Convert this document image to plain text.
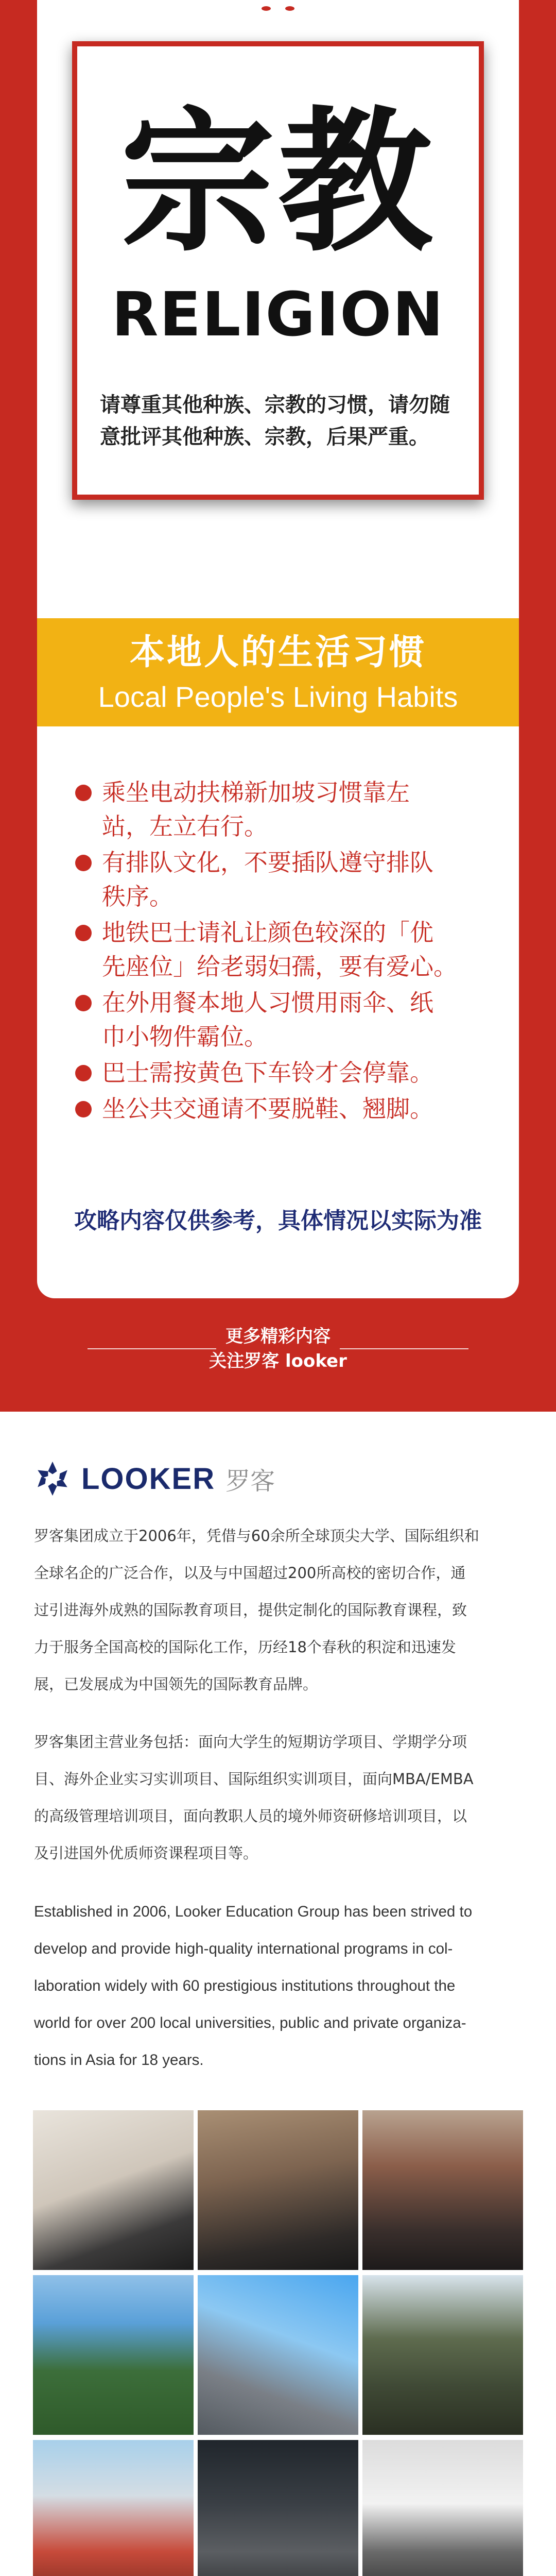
宗教
RELIGION
请尊重其他种族、宗教的习惯，请勿随
意批评其他种族、宗教，后果严重。
本地人的生活习惯
Local People's Living Habits
乘坐电动扶梯新加坡习惯靠左
站，左立右行。
有排队文化，不要插队遵守排队
秩序。
地铁巴士请礼让颜色较深的「优
先座位」给老弱妇孺，要有爱心。
在外用餐本地人习惯用雨伞、纸
巾小物件霸位。
巴士需按黄色下车铃才会停靠。
坐公共交通请不要脱鞋、翘脚。
攻略内容仅供参考，具体情况以实际为准
更多精彩内容
关注罗客 looker
LOOKER 罗客
罗客集团成立于2006年，凭借与60余所全球顶尖大学、国际组织和
全球名企的广泛合作，以及与中国超过200所高校的密切合作，通
过引进海外成熟的国际教育项目，提供定制化的国际教育课程，致
力于服务全国高校的国际化工作，历经18个春秋的积淀和迅速发
展，已发展成为中国领先的国际教育品牌。
罗客集团主营业务包括：面向大学生的短期访学项目、学期学分项
目、海外企业实习实训项目、国际组织实训项目，面向MBA/EMBA
的高级管理培训项目，面向教职人员的境外师资研修培训项目，以
及引进国外优质师资课程项目等。
Established in 2006, Looker Education Group has been strived to
develop and provide high-quality international programs in col-
laboration widely with 60 prestigious institutions throughout the
world for over 200 local universities, public and private organiza-
tions in Asia for 18 years.
